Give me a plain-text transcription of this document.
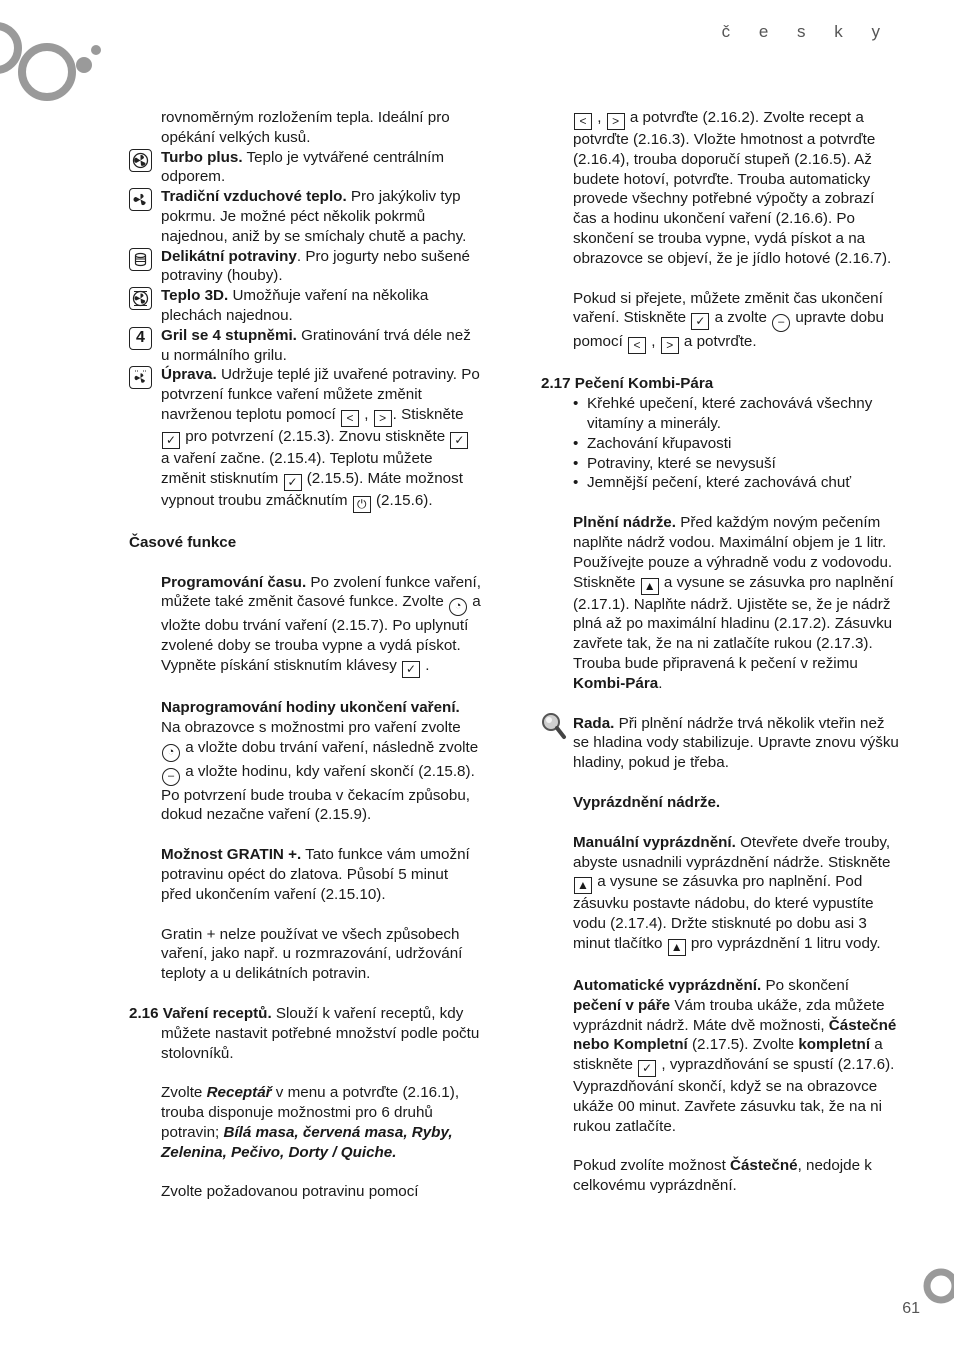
č e s k y
rovnoměrným rozložením tepla. Ideální pro opékání velkých kusů.
Turbo plus. Teplo je vytvářené centrálním odporem.
Tradiční vzduchové teplo. Pro jakýkoliv typ pokrmu. Je možné péct několik pokrmů najednou, aniž by se smíchaly chutě a pachy.
Delikátní potraviny. Pro jogurty nebo sušené potraviny (houby).
Teplo 3D. Umožňuje vaření na několika plechách najednou.
4	Gril se 4 stupněmi. Gratinování trvá déle než u normálního grilu.
Úprava. Udržuje teplé již uvařené potraviny. Po potvrzení funkce vaření můžete změnit navrženou teplotu pomocí < , > . Stiskněte ✓ pro potvrzení (2.15.3). Znovu stiskněte ✓ a vaření začne. (2.15.4). Teplotu můžete změnit stisknutím ✓ (2.15.5). Máte možnost vypnout troubu zmáčknutím ⏻ (2.15.6).
Časové funkce
Programování času. Po zvolení funkce vaření, můžete také změnit časové funkce. Zvolte ◔ a vložte dobu trvání vaření (2.15.7). Po uplynutí zvolené doby se trouba vypne a vydá pískot. Vypněte pískání stisknutím klávesy ✓ .
Naprogramování hodiny ukončení vaření. Na obrazovce s možnostmi pro vaření zvolte ◔ a vložte dobu trvání vaření, následně zvolte – a vložte hodinu, kdy vaření skončí (2.15.8). Po potvrzení bude trouba v čekacím způsobu, dokud nezačne vaření (2.15.9).
Možnost GRATIN +. Tato funkce vám umožní potravinu opéct do zlatova. Působí 5 minut před ukončením vaření (2.15.10).
Gratin + nelze používat ve všech způsobech vaření, jako např. u rozmrazování, udržování teploty a u delikátních potravin.
2.16 Vaření receptů. Slouží k vaření receptů, kdy můžete nastavit potřebné množství podle počtu stolovníků.
Zvolte Receptář v menu a potvrďte (2.16.1), trouba disponuje možnostmi pro 6 druhů potravin; Bílá masa, červená masa, Ryby, Zelenina, Pečivo, Dorty / Quiche.
Zvolte požadovanou potravinu pomocí
< , > a potvrďte (2.16.2). Zvolte recept a potvrďte (2.16.3). Vložte hmotnost a potvrďte (2.16.4), trouba doporučí stupeň (2.16.5). Až budete hotoví, potvrďte. Trouba automaticky provede všechny potřebné výpočty a zobrazí čas a hodinu ukončení vaření (2.16.6). Po skončení se trouba vypne, vydá pískot a na obrazovce se objeví, že je jídlo hotové (2.16.7).
Pokud si přejete, můžete změnit čas ukončení vaření. Stiskněte ✓ a zvolte – upravte dobu pomocí < , > a potvrďte.
2.17 Pečení Kombi-Pára
• Křehké upečení, které zachovává všechny vitamíny a minerály.
• Zachování křupavosti
• Potraviny, které se nevysuší
• Jemnější pečení, které zachovává chuť
Plnění nádrže. Před každým novým pečením naplňte nádrž vodou. Maximální objem je 1 litr. Používejte pouze a výhradně vodu z vodovodu. Stiskněte ▲ a vysune se zásuvka pro naplnění (2.17.1). Naplňte nádrž. Ujistěte se, že je nádrž plná až po maximální hladinu (2.17.2). Zásuvku zavřete tak, že na ni zatlačíte rukou (2.17.3). Trouba bude připravená k pečení v režimu Kombi-Pára.
Rada. Při plnění nádrže trvá několik vteřin než se hladina vody stabilizuje. Upravte znovu výšku hladiny, pokud je třeba.
Vyprázdnění nádrže.
Manuální vyprázdnění. Otevřete dveře trouby, abyste usnadnili vyprázdnění nádrže. Stiskněte ▲ a vysune se zásuvka pro naplnění. Pod zásuvku postavte nádobu, do které vypustíte vodu (2.17.4). Držte stisknuté po dobu asi 3 minut tlačítko ▲ pro vyprázdnění 1 litru vody.
Automatické vyprázdnění. Po skončení pečení v páře Vám trouba ukáže, zda můžete vyprázdnit nádrž. Máte dvě možnosti, Částečné nebo Kompletní (2.17.5). Zvolte kompletní a stiskněte ✓ , vyprazdňování se spustí (2.17.6). Vyprazdňování skončí, když se na obrazovce ukáže 00 minut. Zavřete zásuvku tak, že na ni rukou zatlačíte.
Pokud zvolíte možnost Částečné, nedojde k celkovému vyprázdnění.
61
